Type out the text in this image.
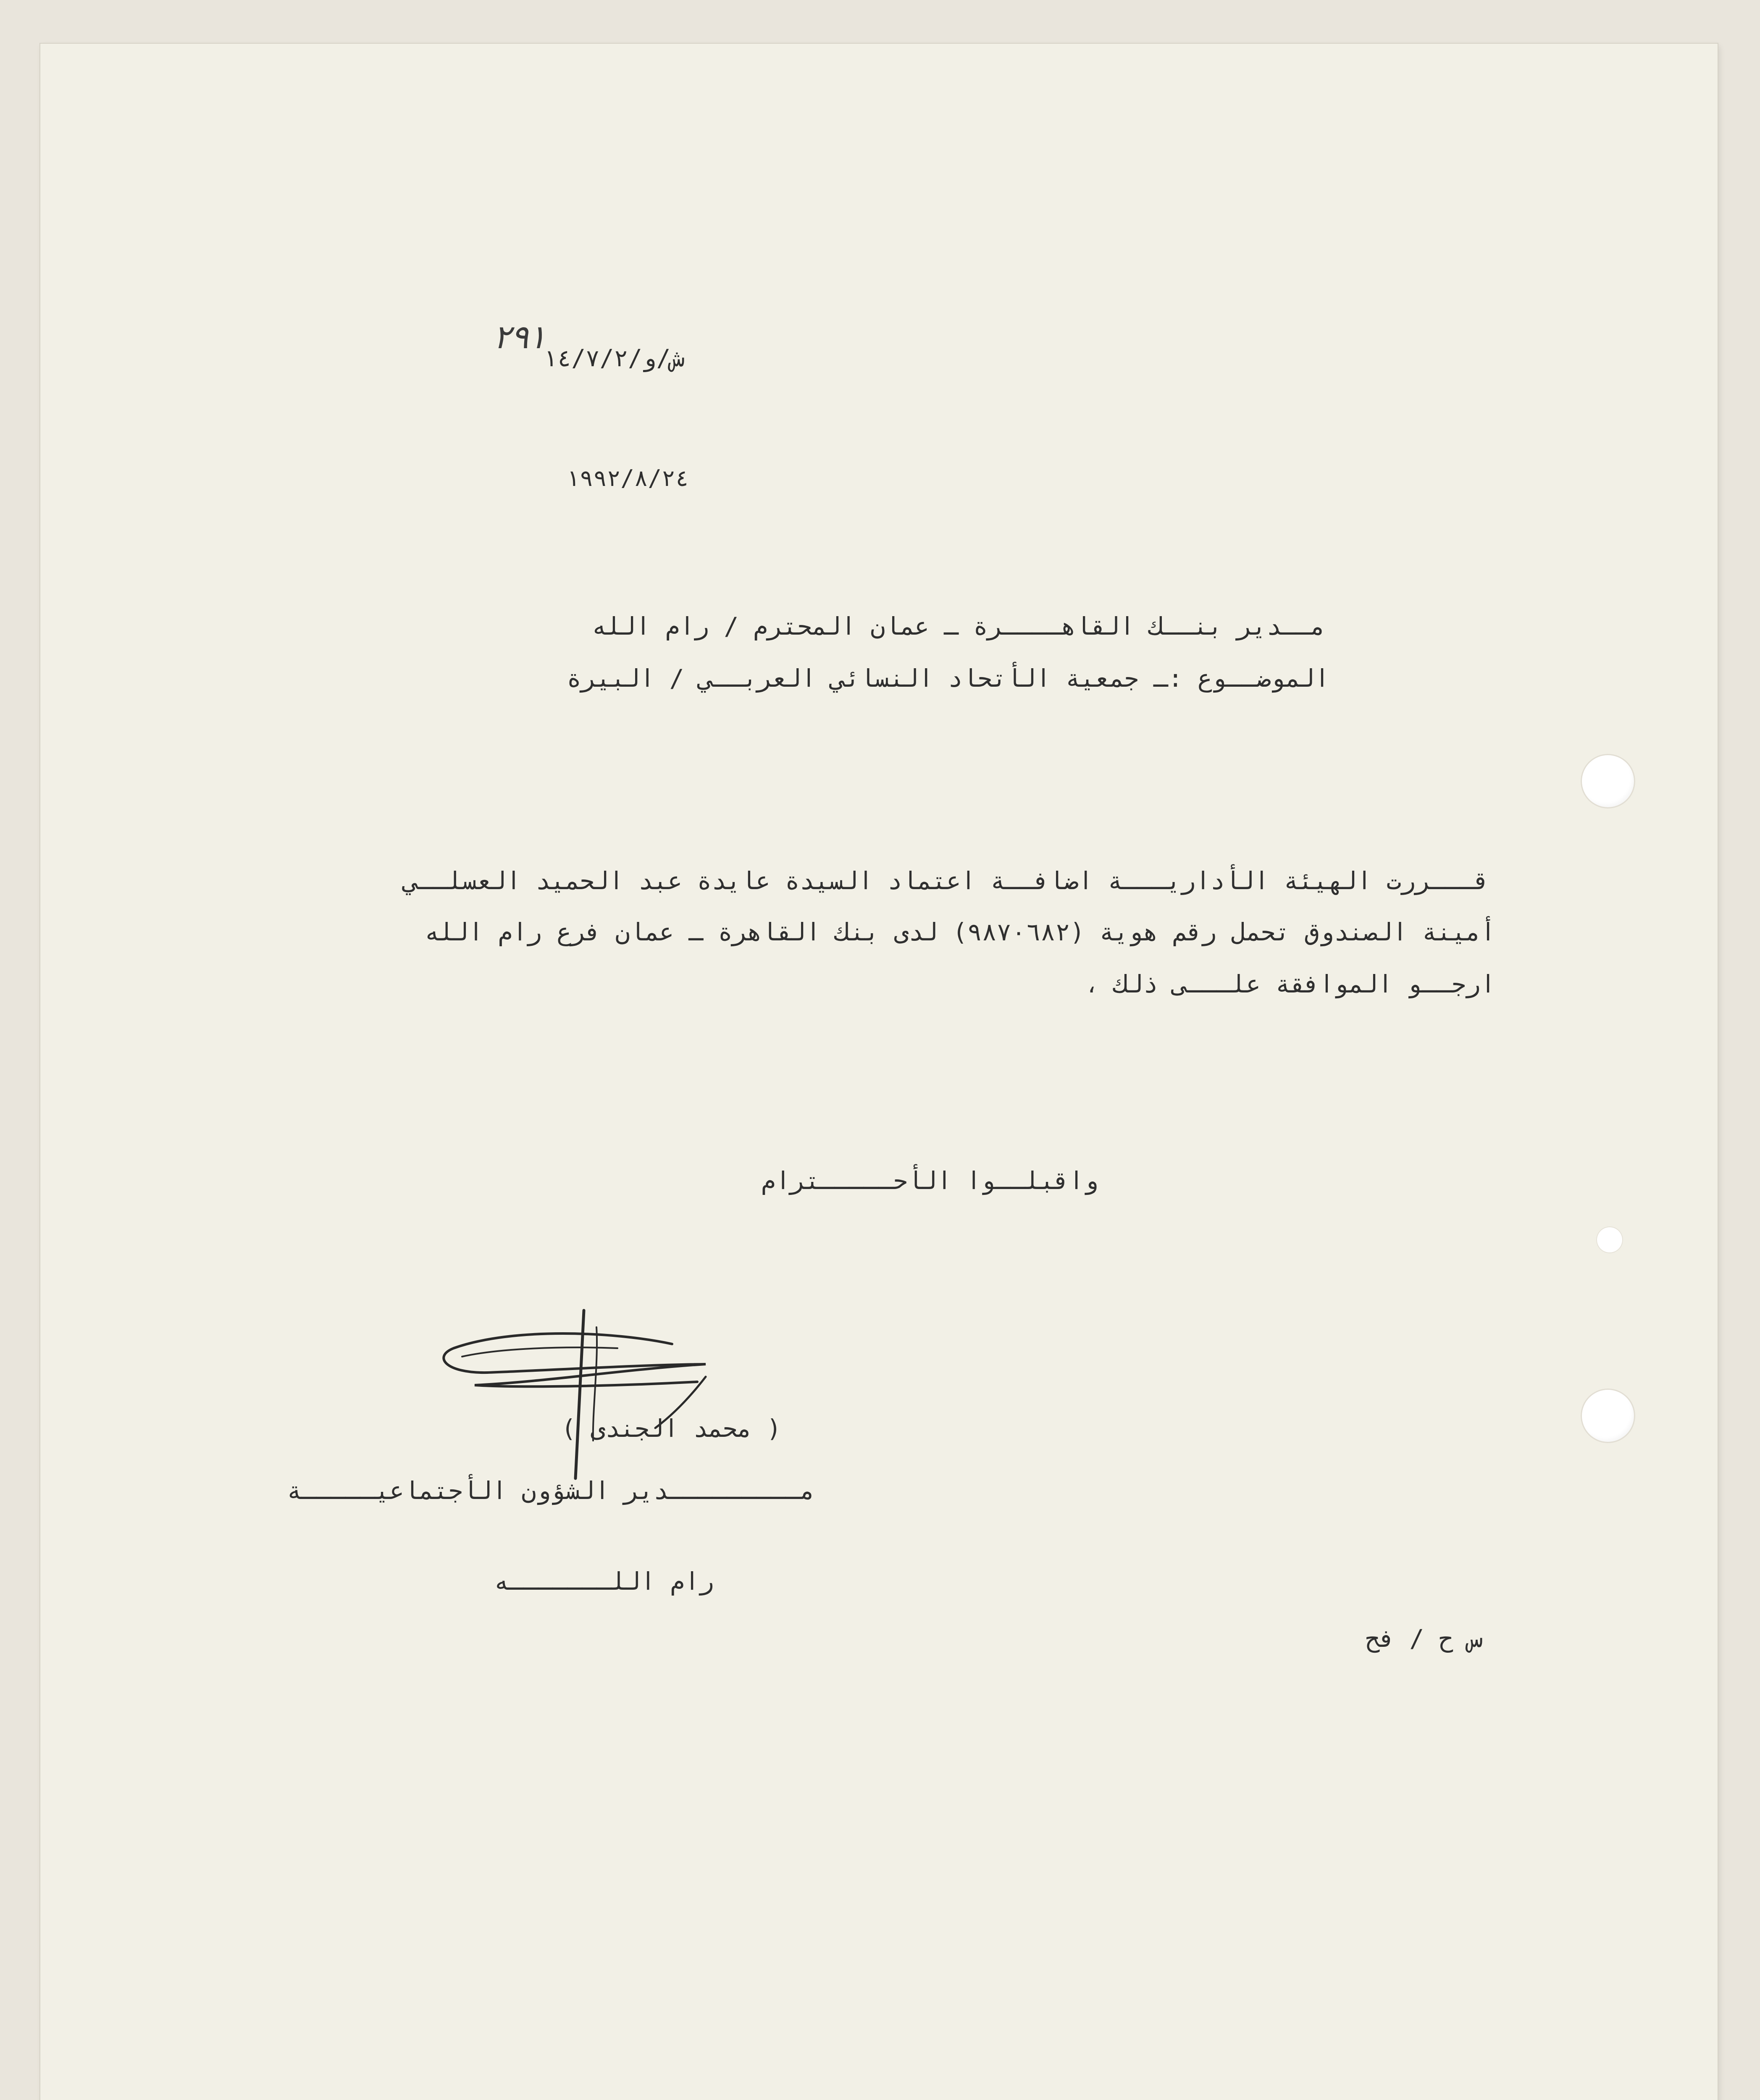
٢٩١
ش/و/١٤/٧/٢
١٩٩٢/٨/٢٤
مــدير بنــك القاهــــرة ـ عمان المحترم / رام الله
الموضــوع :ـ جمعية الأتحاد النسائي العربــي / البيرة
قـــررت الهيئة الأداريـــة اضافــة اعتماد السيدة عايدة عبد الحميد العسلــي
أمينة الصندوق تحمل رقم هوية (٩٨٧٠٦٨٢) لدى بنك القاهرة ـ عمان فرع رام الله
ارجــو الموافقة علـــى ذلك ،
واقبلــوا الأحـــــترام
( محمد الجندى )
مـــــــــدير الشؤون الأجتماعيـــــة
رام اللـــــــه
س ح / فح
